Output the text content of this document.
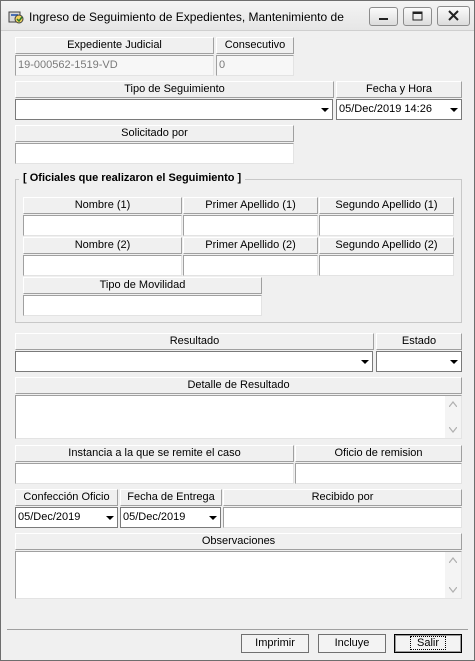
Ingreso de Seguimiento de Expedientes, Mantenimiento de
Expediente Judicial	Consecutivo
19-000562-1519-VD	0
Tipo de Seguimiento	Fecha y Hora
05/Dec/2019 14:26
Solicitado por
[ Oficiales que realizaron el Seguimiento ]
Nombre (1)	Primer Apellido (1)	Segundo Apellido (1)
Nombre (2)	Primer Apellido (2)	Segundo Apellido (2)
Tipo de Movilidad
Resultado	Estado
Detalle de Resultado
Instancia a la que se remite el caso	Oficio de remision
Confección Oficio	Fecha de Entrega	Recibido por
05/Dec/2019	05/Dec/2019
Observaciones
Imprimir	Incluye	Salir
